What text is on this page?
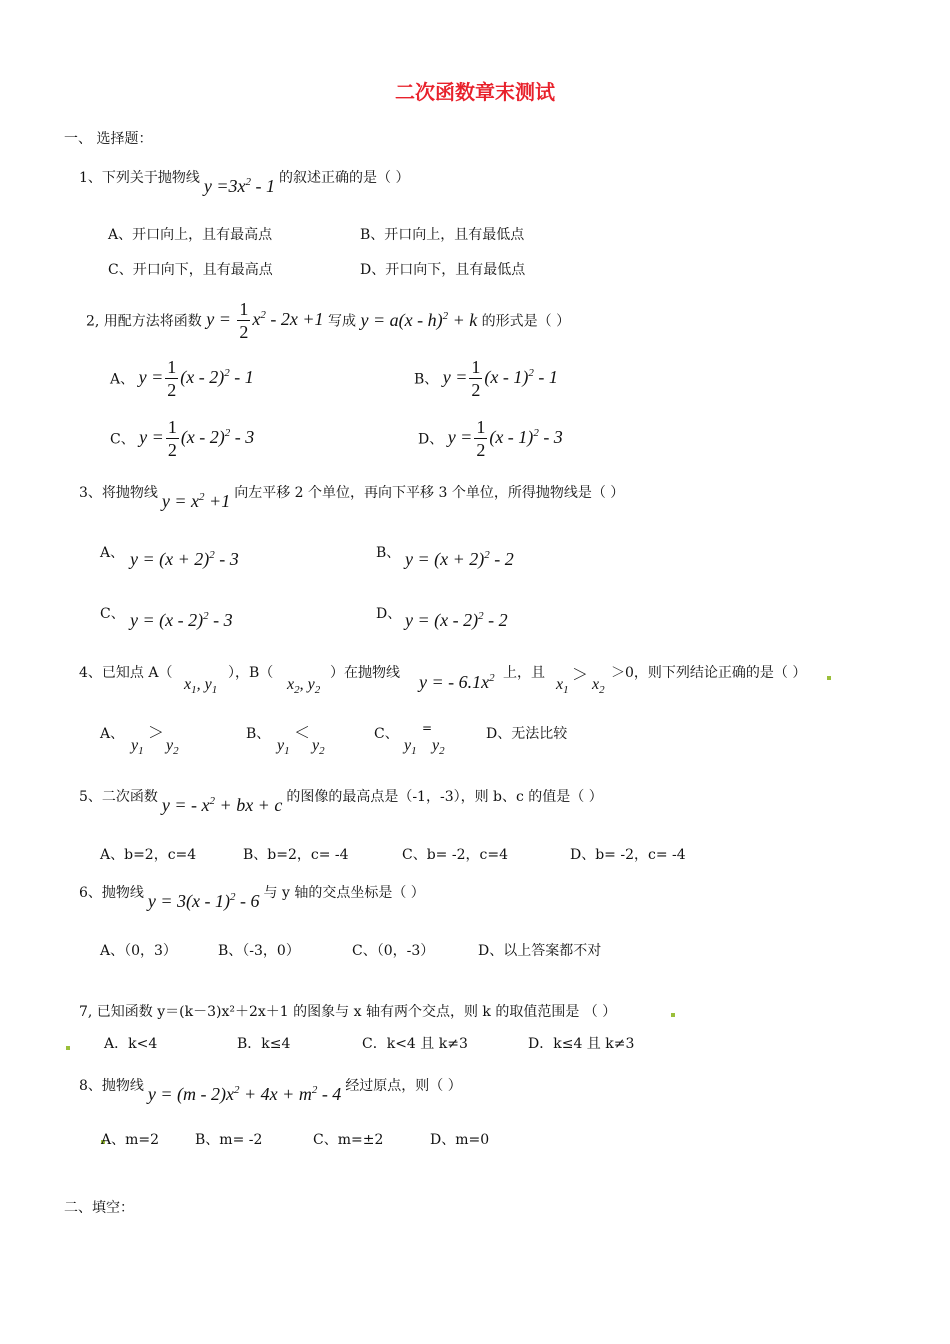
二次函数章末测试
一、 选择题：
1、下列关于抛物线 $y =3x^2 - 1$ 的叙述正确的是（ ）
A、开口向上，且有最高点	B、开口向上，且有最低点
C、开口向下，且有最高点	D、开口向下，且有最低点
2, 用配方法将函数 $y = \frac{1}{2} x^2 - 2x +1$ 写成 y = a(x - h)$^2$ + k 的形式是（ ）
A、 $y = \frac{1}{2} (x - 2)^2 - 1$	B、 $y = \frac{1}{2} (x - 1)^2 - 1$
C、 $y = \frac{1}{2} (x - 2)^2 - 3$	D、 $y = \frac{1}{2} (x - 1)^2 - 3$
3、将抛物线 $y = x^2 +1$ 向左平移 2 个单位，再向下平移 3 个单位，所得抛物线是（ ）
A、 $y = (x + 2)^2 - 3$	B、 $y = (x + 2)^2 - 2$
C、 y = (x - 2)$^2$ - 3	D、 y = (x - 2)$^2$ - 2
4、已知点 A（
$x_1$, $y_1$
），B（
$x_2$, $y_2$
）在抛物线 y = - $6.1x^2$ 上，且
$x_1$
＞
$x_2$
＞0，则下列结论正确的是（ ）
A、
$y_1$
＞
$y_2$
B、
$y_1$
＜
$y_2$
C、
$y_1$
=
$y_2$
D、无法比较
5、二次函数 y = - $x^2$ + bx + c 的图像的最高点是（-1，-3），则 b、c 的值是（ ）
A、b=2，c=4	B、b=2，c= -4	C、b= -2，c=4	D、b= -2，c= -4
6、抛物线 y = 3(x - 1)$^2$ - 6 与 y 轴的交点坐标是（ ）
A、（0，3）	B、（-3，0）	C、（0，-3）	D、以上答案都不对
7, 已知函数 y＝(k－3)x²＋2x＋1 的图象与 x 轴有两个交点，则 k 的取值范围是 （ ）
A．k<4	B．k≤4	C．k<4 且 k≠3	D．k≤4 且 k≠3
8、抛物线 $y = (m - 2)x^2 + 4x + m^2 - 4$ 经过原点，则（ ）
A、m=2	B、m= -2	C、m=±2	D、m=0
二、填空：
